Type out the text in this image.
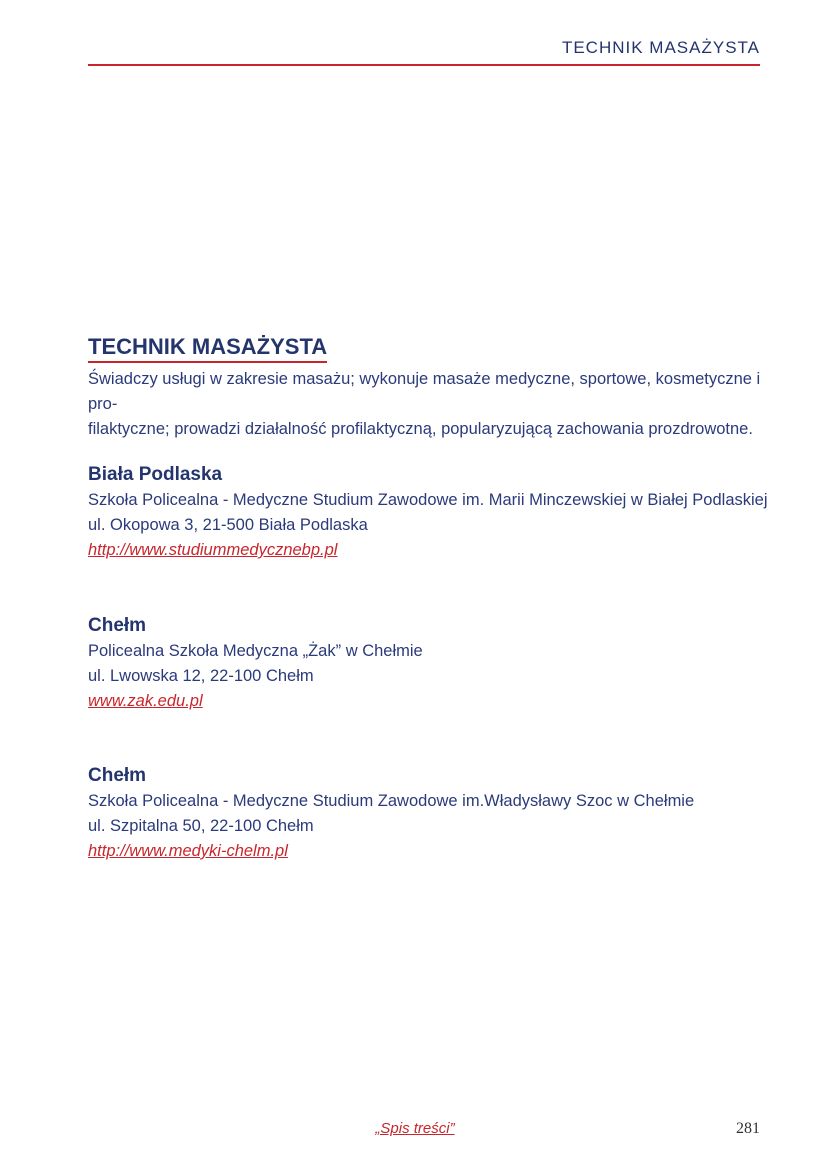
TECHNIK MASAŻYSTA
TECHNIK MASAŻYSTA

Świadczy usługi w zakresie masażu; wykonuje masaże medyczne, sportowe, kosmetyczne i pro-
filaktyczne; prowadzi działalność profilaktyczną, popularyzującą zachowania prozdrowotne.

Biała Podlaska
Szkoła Policealna - Medyczne Studium Zawodowe im. Marii Minczewskiej w Białej Podlaskiej
ul. Okopowa 3, 21-500 Biała Podlaska
http://www.studiummedycznebp.pl
Chełm
Policealna Szkoła Medyczna „Żak” w Chełmie
ul. Lwowska 12, 22-100 Chełm
www.zak.edu.pl
Chełm
Szkoła Policealna - Medyczne Studium Zawodowe im.Władysławy Szoc w Chełmie
ul. Szpitalna 50, 22-100 Chełm
http://www.medyki-chelm.pl
„Spis treści”	281
